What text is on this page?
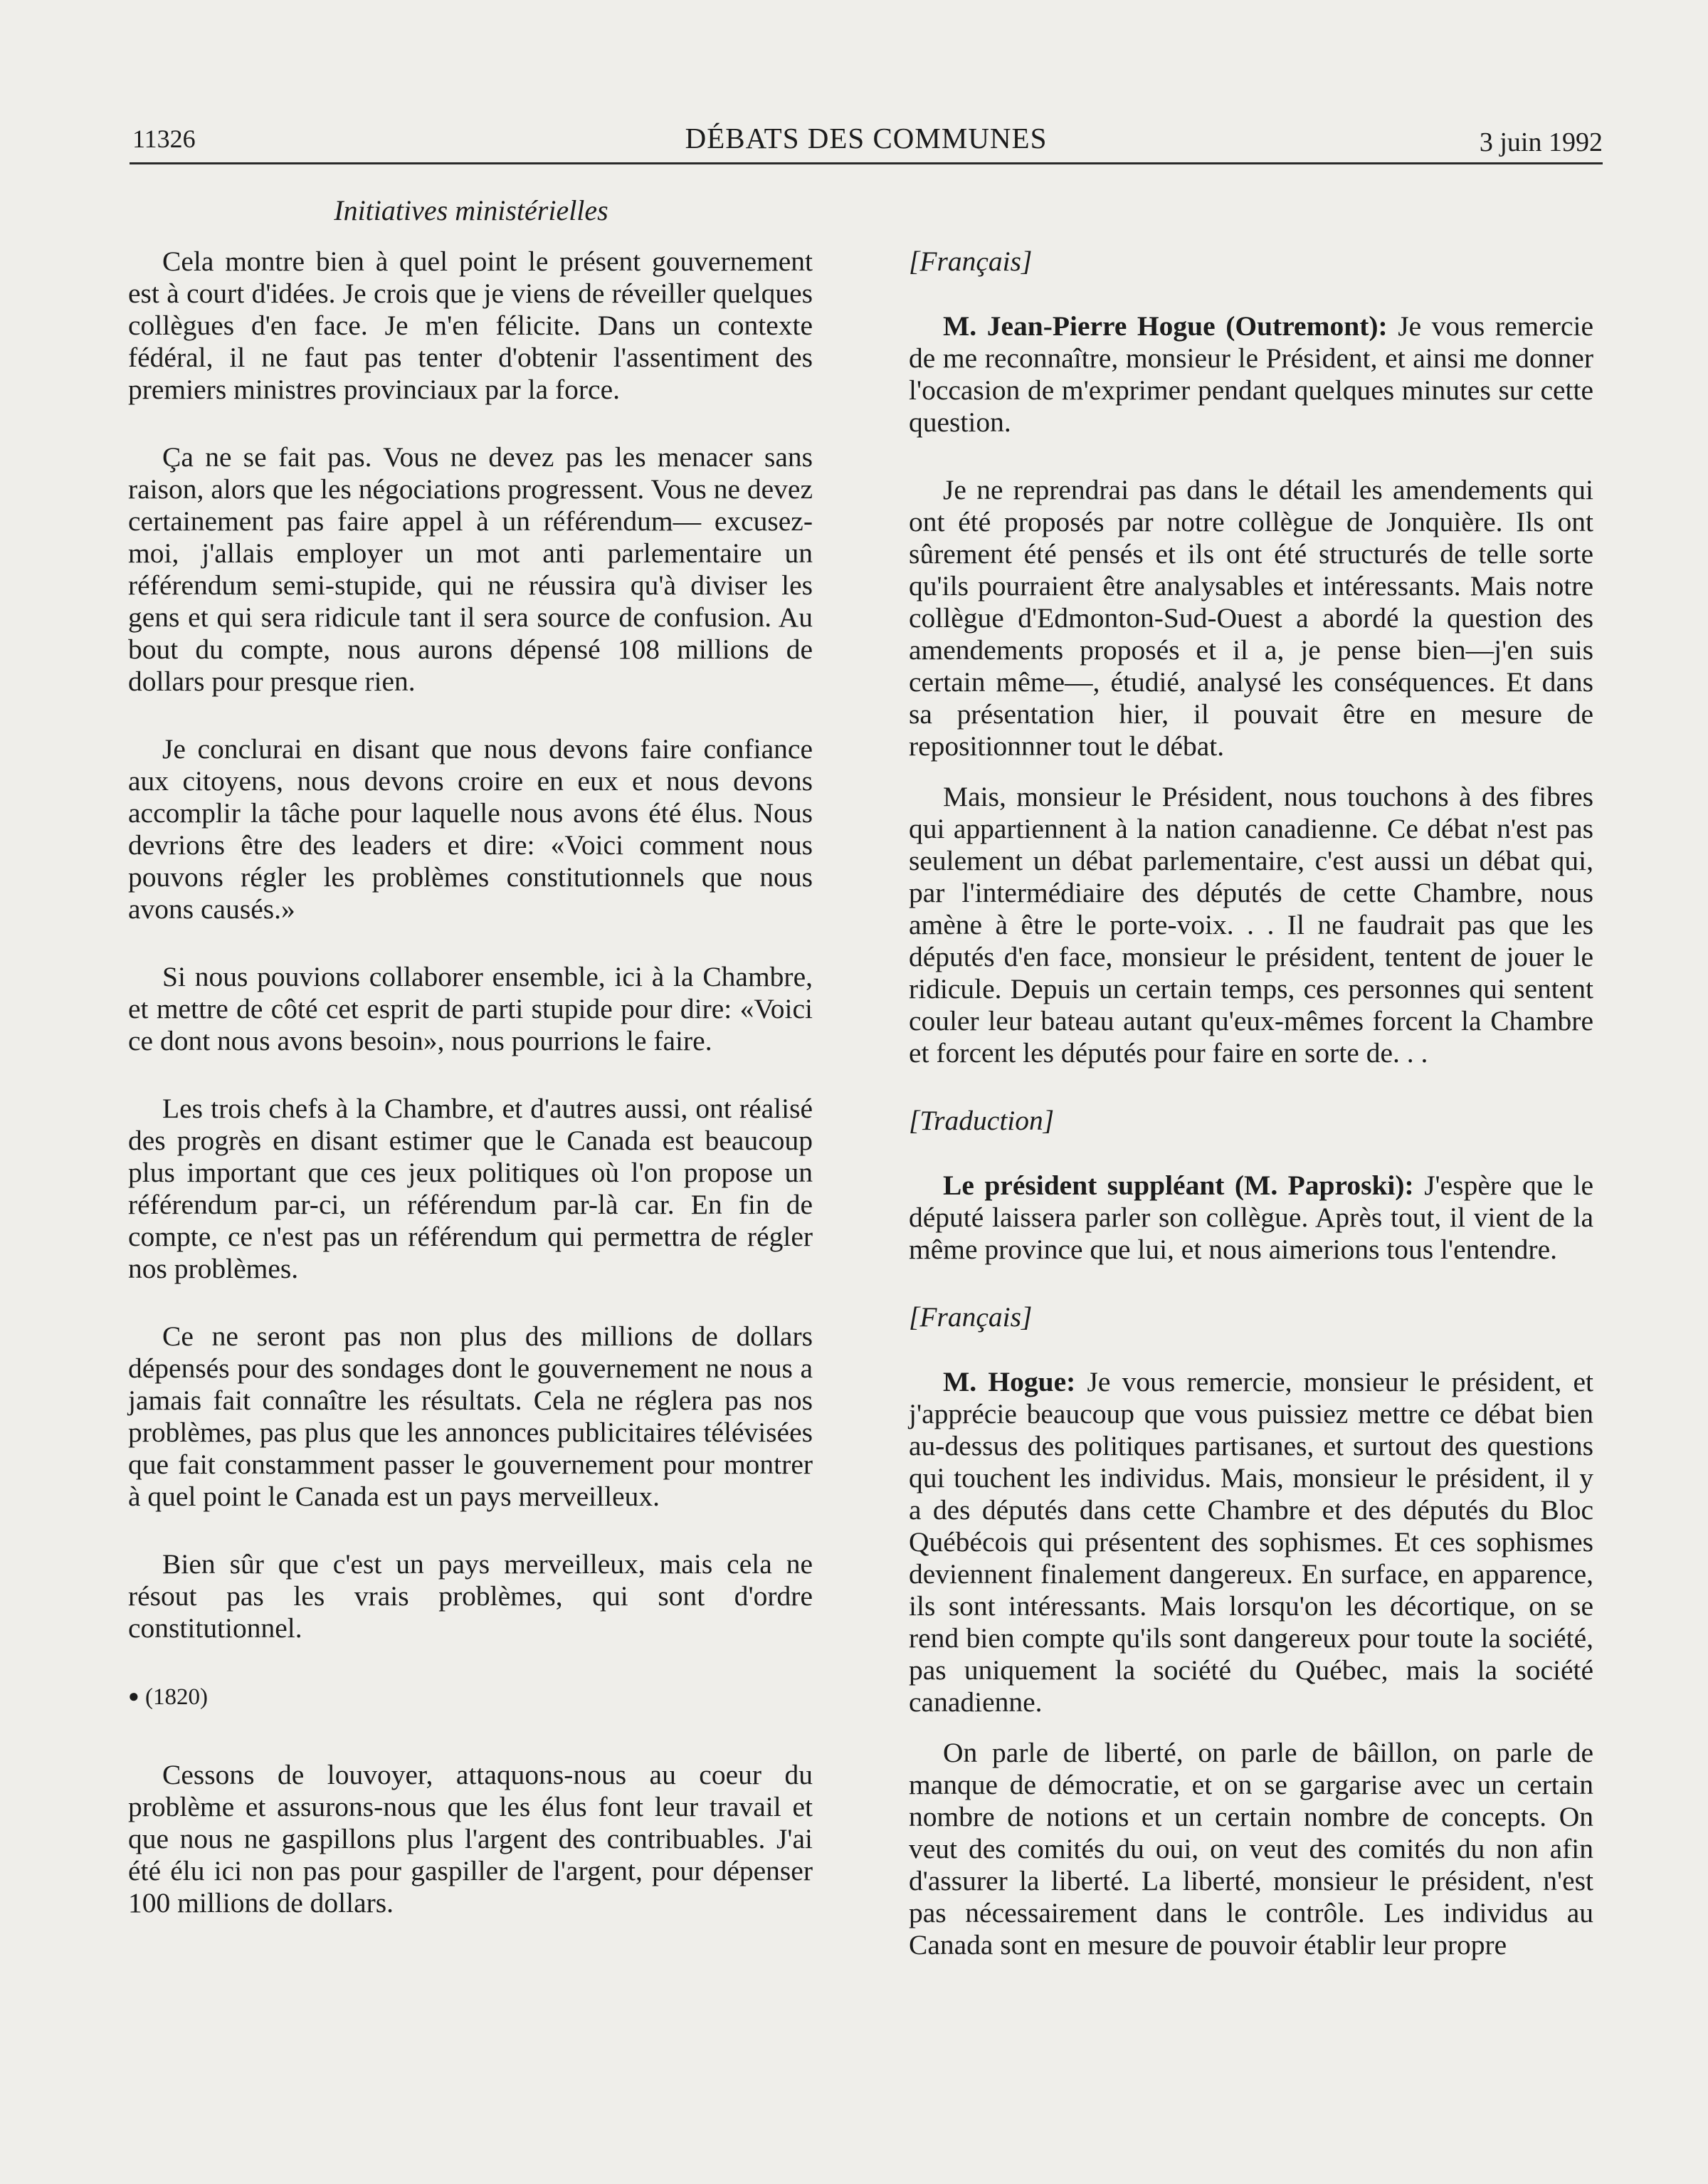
11326	DÉBATS DES COMMUNES	3 juin 1992
Initiatives ministérielles

Cela montre bien à quel point le présent gouvernement est à court d'idées. Je crois que je viens de réveiller quelques collègues d'en face. Je m'en félicite. Dans un contexte fédéral, il ne faut pas tenter d'obtenir l'assentiment des premiers ministres provinciaux par la force.

Ça ne se fait pas. Vous ne devez pas les menacer sans raison, alors que les négociations progressent. Vous ne devez certainement pas faire appel à un référendum— excusez-moi, j'allais employer un mot anti parlementaire un référendum semi-stupide, qui ne réussira qu'à diviser les gens et qui sera ridicule tant il sera source de confusion. Au bout du compte, nous aurons dépensé 108 millions de dollars pour presque rien.

Je conclurai en disant que nous devons faire confiance aux citoyens, nous devons croire en eux et nous devons accomplir la tâche pour laquelle nous avons été élus. Nous devrions être des leaders et dire: «Voici comment nous pouvons régler les problèmes constitutionnels que nous avons causés.»

Si nous pouvions collaborer ensemble, ici à la Chambre, et mettre de côté cet esprit de parti stupide pour dire: «Voici ce dont nous avons besoin», nous pourrions le faire.

Les trois chefs à la Chambre, et d'autres aussi, ont réalisé des progrès en disant estimer que le Canada est beaucoup plus important que ces jeux politiques où l'on propose un référendum par-ci, un référendum par-là car. En fin de compte, ce n'est pas un référendum qui permettra de régler nos problèmes.

Ce ne seront pas non plus des millions de dollars dépensés pour des sondages dont le gouvernement ne nous a jamais fait connaître les résultats. Cela ne réglera pas nos problèmes, pas plus que les annonces publicitaires télévisées que fait constamment passer le gouvernement pour montrer à quel point le Canada est un pays merveilleux.

Bien sûr que c'est un pays merveilleux, mais cela ne résout pas les vrais problèmes, qui sont d'ordre constitutionnel.

● (1820)

Cessons de louvoyer, attaquons-nous au coeur du problème et assurons-nous que les élus font leur travail et que nous ne gaspillons plus l'argent des contribuables. J'ai été élu ici non pas pour gaspiller de l'argent, pour dépenser 100 millions de dollars.

[Français]

M. Jean-Pierre Hogue (Outremont): Je vous remercie de me reconnaître, monsieur le Président, et ainsi me donner l'occasion de m'exprimer pendant quelques minutes sur cette question.

Je ne reprendrai pas dans le détail les amendements qui ont été proposés par notre collègue de Jonquière. Ils ont sûrement été pensés et ils ont été structurés de telle sorte qu'ils pourraient être analysables et intéressants. Mais notre collègue d'Edmonton-Sud-Ouest a abordé la question des amendements proposés et il a, je pense bien—j'en suis certain même—, étudié, analysé les conséquences. Et dans sa présentation hier, il pouvait être en mesure de repositionnner tout le débat.

Mais, monsieur le Président, nous touchons à des fibres qui appartiennent à la nation canadienne. Ce débat n'est pas seulement un débat parlementaire, c'est aussi un débat qui, par l'intermédiaire des députés de cette Chambre, nous amène à être le porte-voix. . . Il ne faudrait pas que les députés d'en face, monsieur le président, tentent de jouer le ridicule. Depuis un certain temps, ces personnes qui sentent couler leur bateau autant qu'eux-mêmes forcent la Chambre et forcent les députés pour faire en sorte de. . .

[Traduction]

Le président suppléant (M. Paproski): J'espère que le député laissera parler son collègue. Après tout, il vient de la même province que lui, et nous aimerions tous l'entendre.

[Français]

M. Hogue: Je vous remercie, monsieur le président, et j'apprécie beaucoup que vous puissiez mettre ce débat bien au-dessus des politiques partisanes, et surtout des questions qui touchent les individus. Mais, monsieur le président, il y a des députés dans cette Chambre et des députés du Bloc Québécois qui présentent des sophismes. Et ces sophismes deviennent finalement dangereux. En surface, en apparence, ils sont intéressants. Mais lorsqu'on les décortique, on se rend bien compte qu'ils sont dangereux pour toute la société, pas uniquement la société du Québec, mais la société canadienne.

On parle de liberté, on parle de bâillon, on parle de manque de démocratie, et on se gargarise avec un certain nombre de notions et un certain nombre de concepts. On veut des comités du oui, on veut des comités du non afin d'assurer la liberté. La liberté, monsieur le président, n'est pas nécessairement dans le contrôle. Les individus au Canada sont en mesure de pouvoir établir leur propre
